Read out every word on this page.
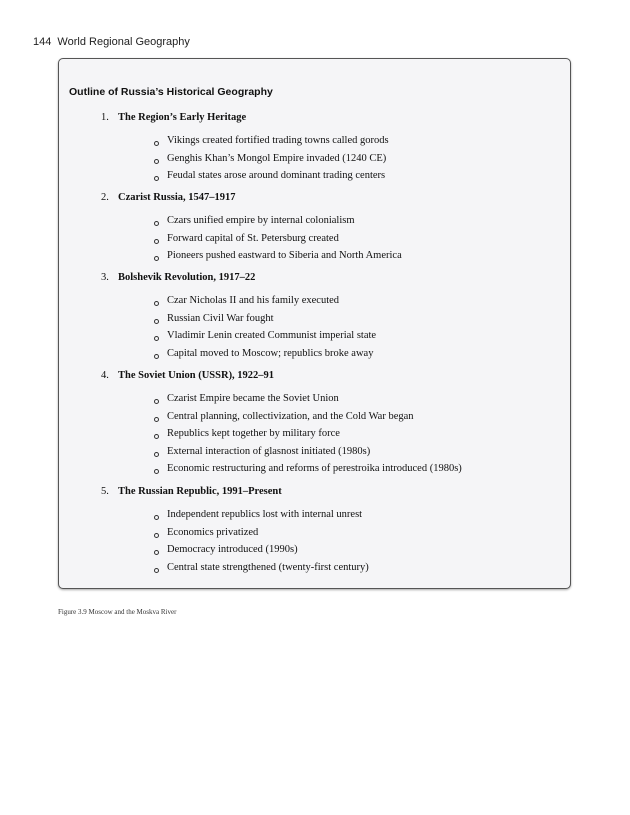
144 World Regional Geography
Outline of Russia’s Historical Geography
1. The Region’s Early Heritage
Vikings created fortified trading towns called gorods
Genghis Khan’s Mongol Empire invaded (1240 CE)
Feudal states arose around dominant trading centers
2. Czarist Russia, 1547–1917
Czars unified empire by internal colonialism
Forward capital of St. Petersburg created
Pioneers pushed eastward to Siberia and North America
3. Bolshevik Revolution, 1917–22
Czar Nicholas II and his family executed
Russian Civil War fought
Vladimir Lenin created Communist imperial state
Capital moved to Moscow; republics broke away
4. The Soviet Union (USSR), 1922–91
Czarist Empire became the Soviet Union
Central planning, collectivization, and the Cold War began
Republics kept together by military force
External interaction of glasnost initiated (1980s)
Economic restructuring and reforms of perestroika introduced (1980s)
5. The Russian Republic, 1991–Present
Independent republics lost with internal unrest
Economics privatized
Democracy introduced (1990s)
Central state strengthened (twenty-first century)
Figure 3.9 Moscow and the Moskva River
